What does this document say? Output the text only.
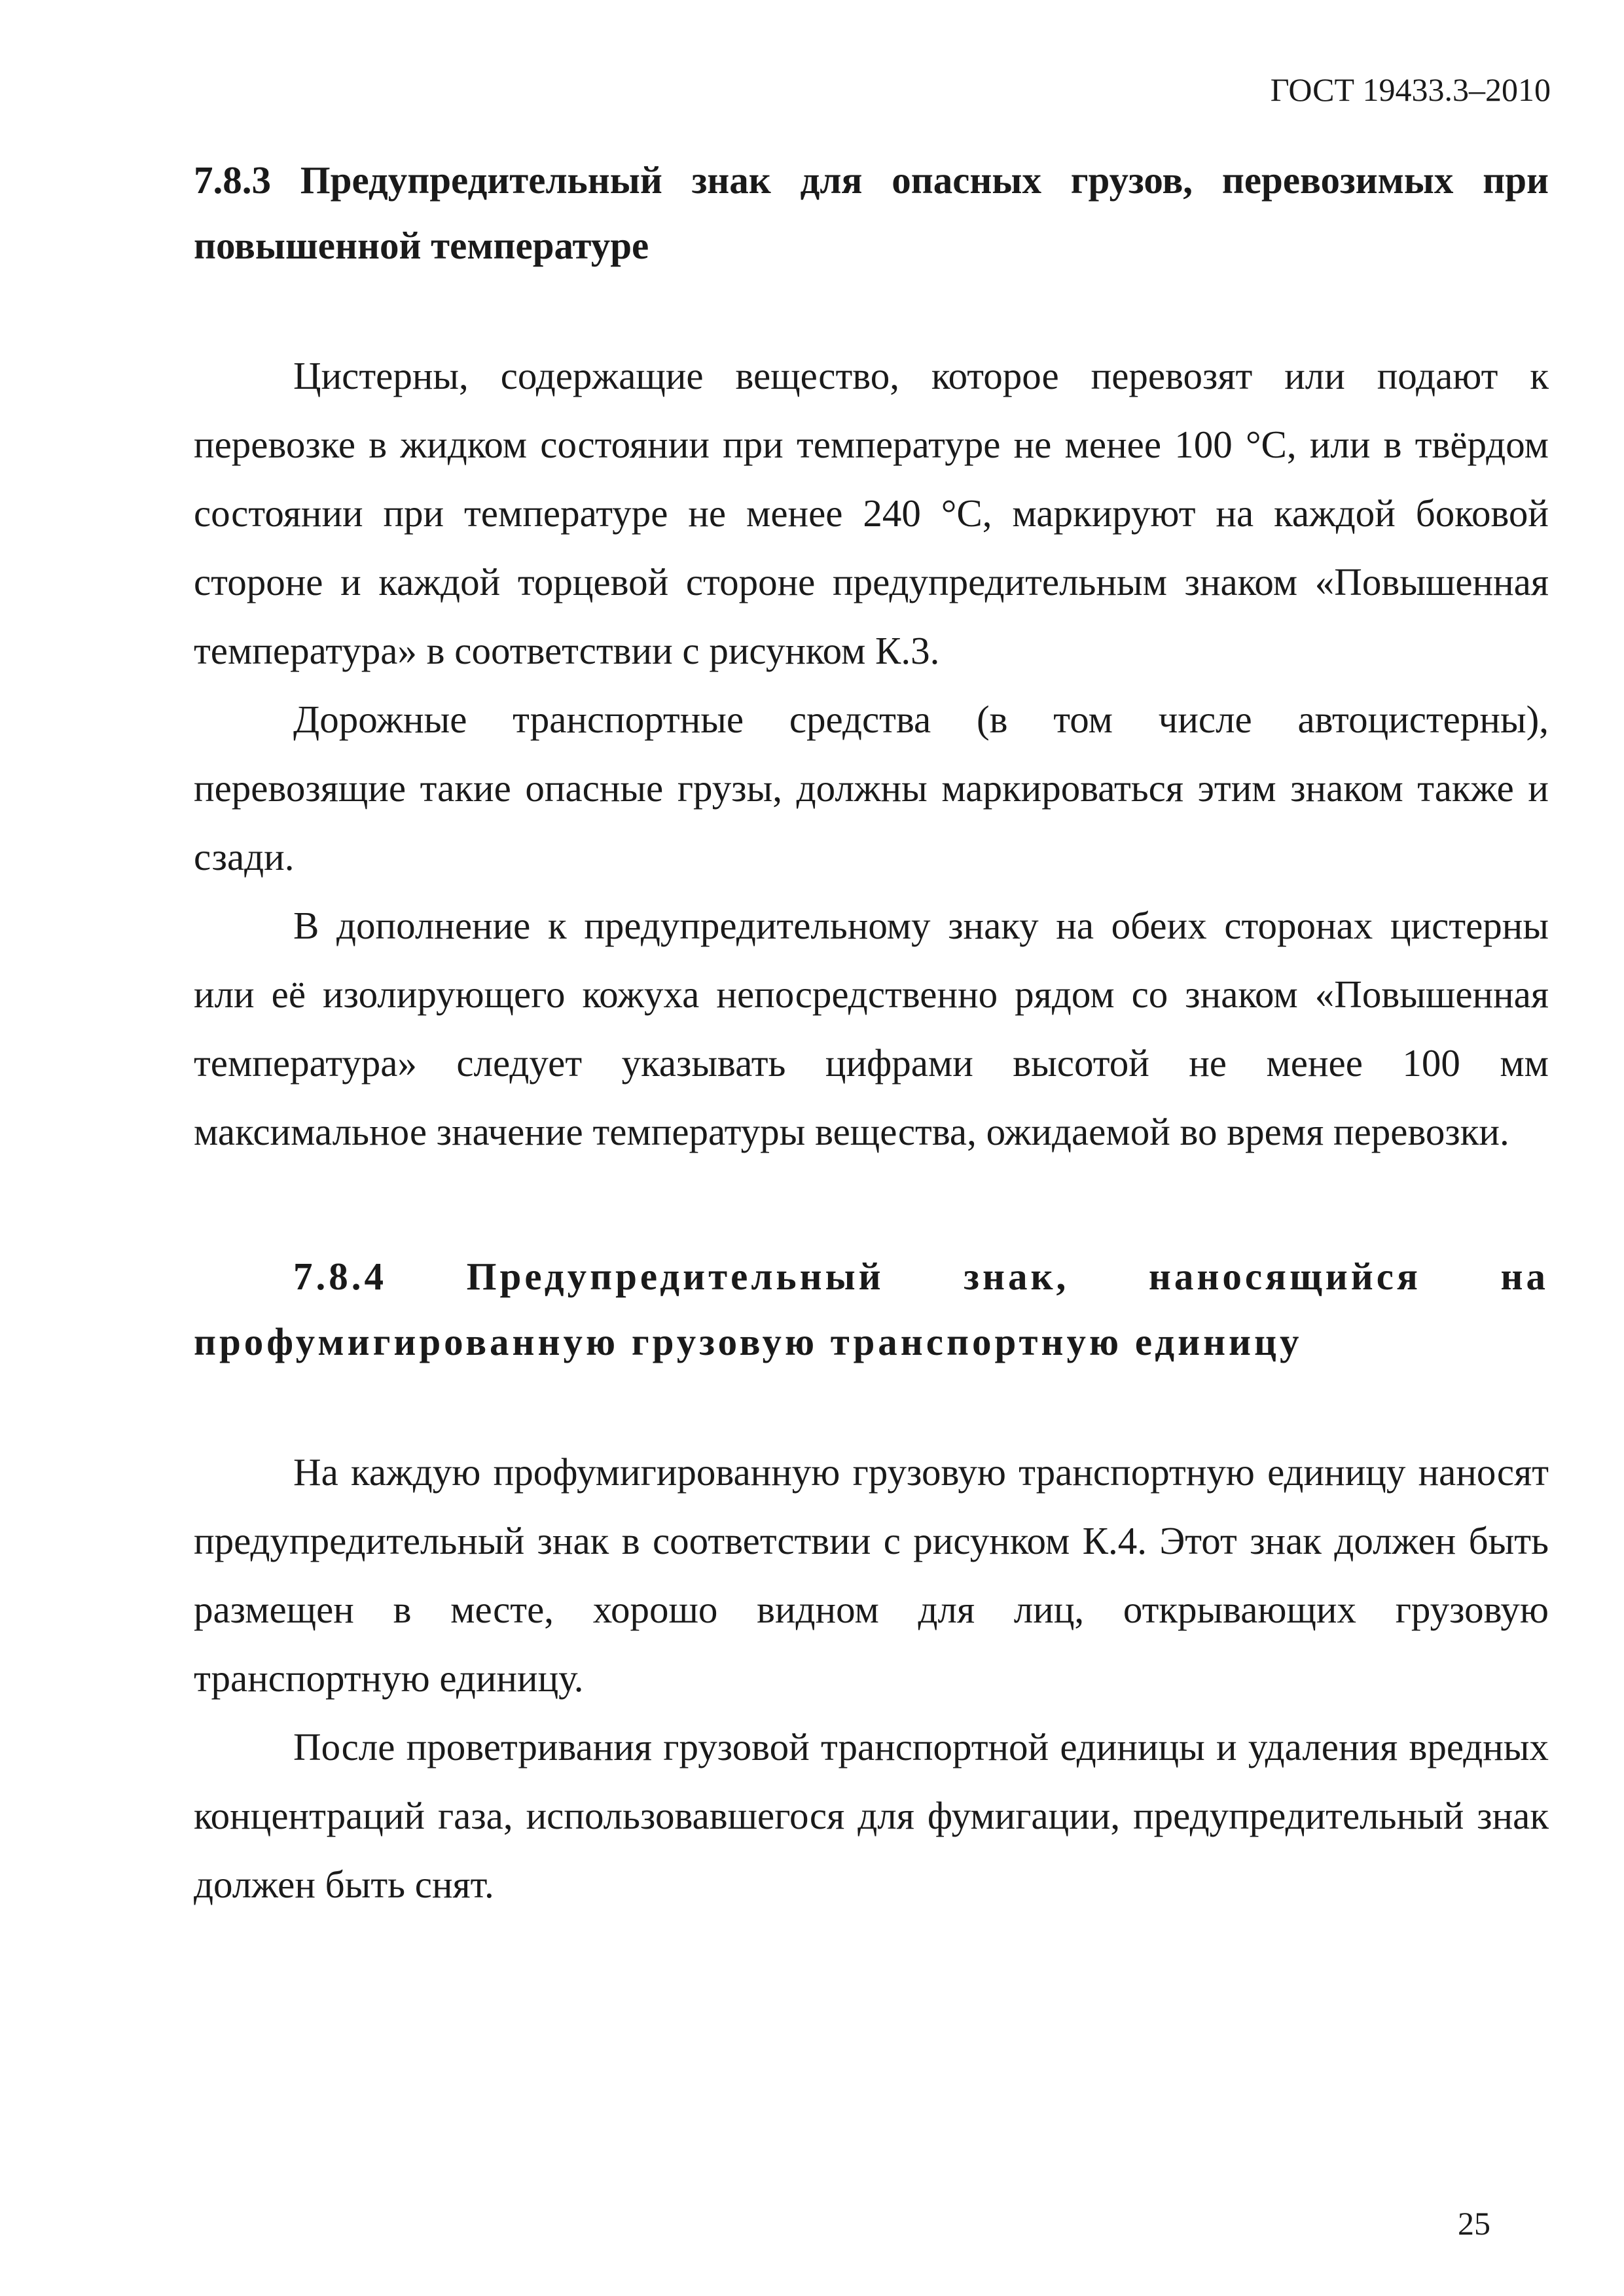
ГОСТ 19433.3–2010

7.8.3 Предупредительный знак для опасных грузов, перевозимых при повышенной температуре

Цистерны, содержащие вещество, которое перевозят или подают к перевозке в жидком состоянии при температуре не менее 100 °С, или в твёрдом состоянии при температуре не менее 240 °С, маркируют на каждой боковой стороне и каждой торцевой стороне предупредительным знаком «Повышенная температура» в соответствии с рисунком К.3.

Дорожные транспортные средства (в том числе автоцистерны), перевозящие такие опасные грузы, должны маркироваться этим знаком также и сзади.

В дополнение к предупредительному знаку на обеих сторонах цистерны или её изолирующего кожуха непосредственно рядом со знаком «Повышенная температура» следует указывать цифрами высотой не менее 100 мм максимальное значение температуры вещества, ожидаемой во время перевозки.

7.8.4 Предупредительный знак, наносящийся на профумигированную грузовую транспортную единицу

На каждую профумигированную грузовую транспортную единицу наносят предупредительный знак в соответствии с рисунком К.4. Этот знак должен быть размещен в месте, хорошо видном для лиц, открывающих грузовую транспортную единицу.

После проветривания грузовой транспортной единицы и удаления вредных концентраций газа, использовавшегося для фумигации, предупредительный знак должен быть снят.

25
